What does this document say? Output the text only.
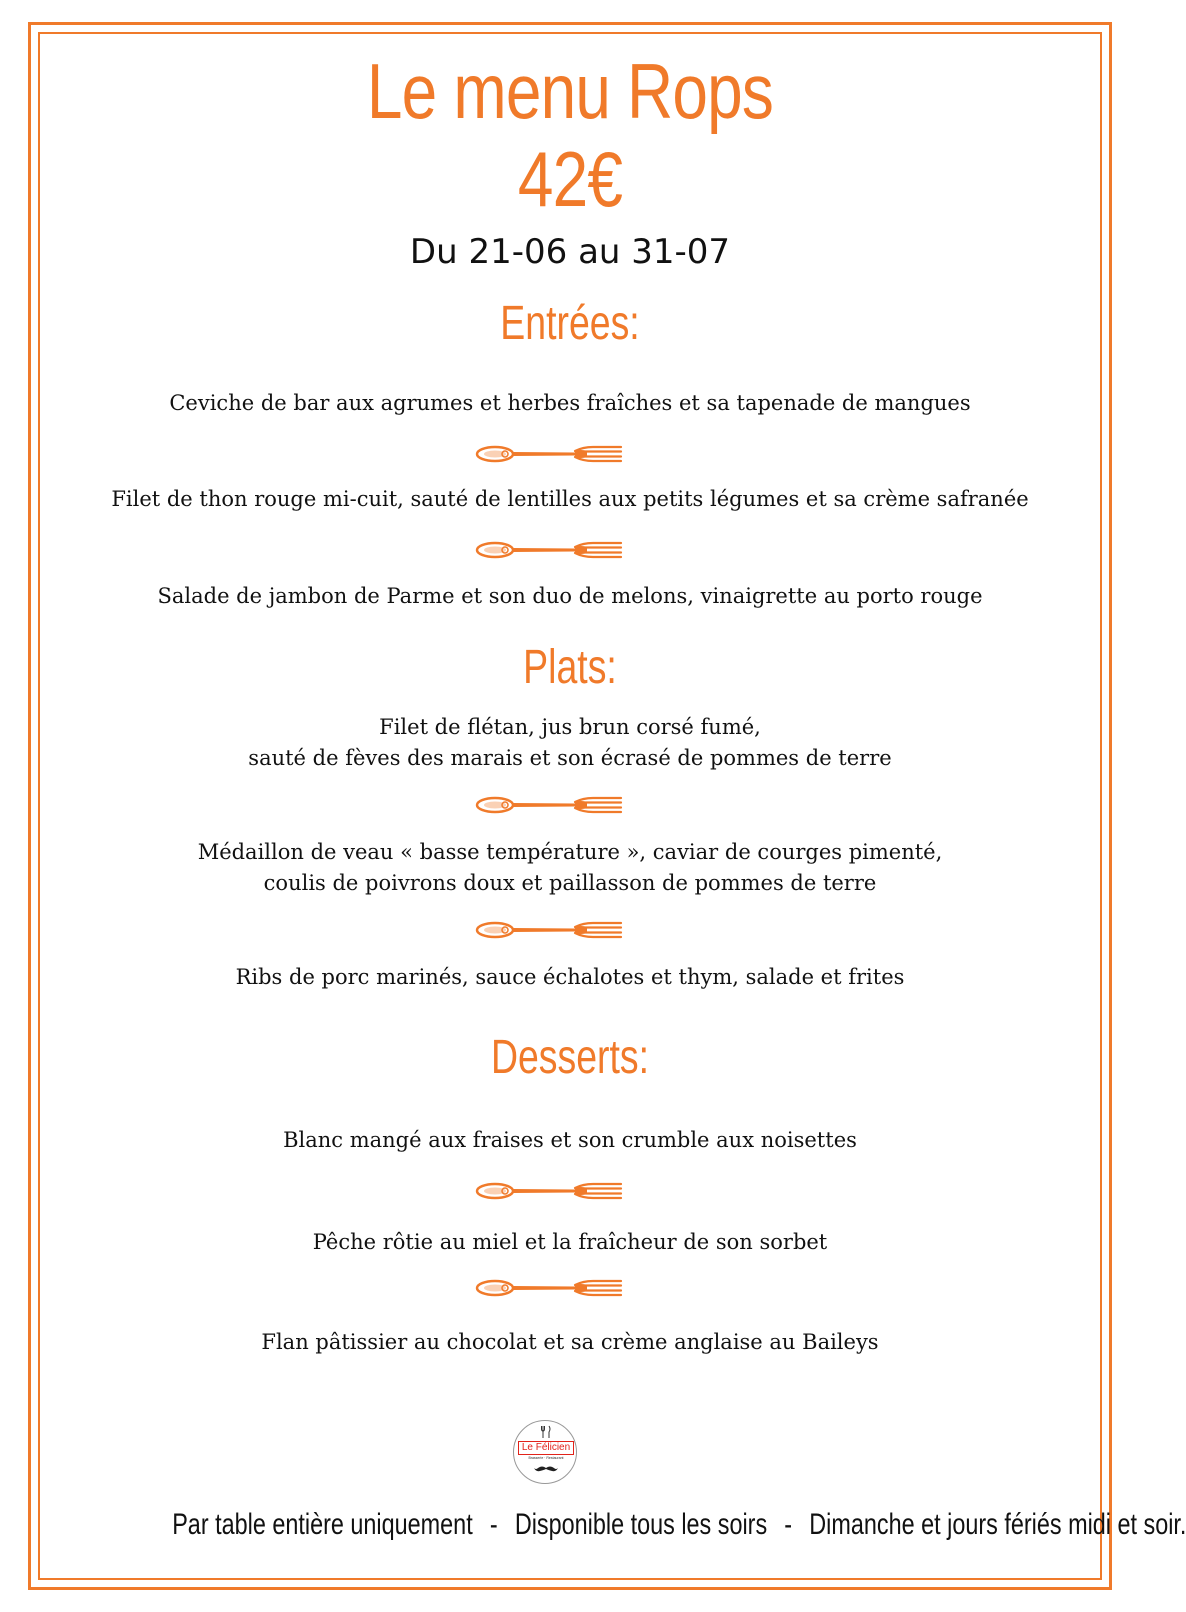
Le menu Rops
42€
Du 21-06 au 31-07
Entrées:
Ceviche de bar aux agrumes et herbes fraîches et sa tapenade de mangues
Filet de thon rouge mi-cuit, sauté de lentilles aux petits légumes et sa crème safranée
Salade de jambon de Parme et son duo de melons, vinaigrette au porto rouge
Plats:
Filet de flétan, jus brun corsé fumé,
sauté de fèves des marais et son écrasé de pommes de terre
Médaillon de veau « basse température », caviar de courges pimenté,
coulis de poivrons doux et paillasson de pommes de terre
Ribs de porc marinés, sauce échalotes et thym, salade et frites
Desserts:
Blanc mangé aux fraises et son crumble aux noisettes
Pêche rôtie au miel et la fraîcheur de son sorbet
Flan pâtissier au chocolat et sa crème anglaise au Baileys
Le Félicien
Brasserie · Restaurant
Par table entière uniquement - Disponible tous les soirs - Dimanche et jours fériés midi et soir.
